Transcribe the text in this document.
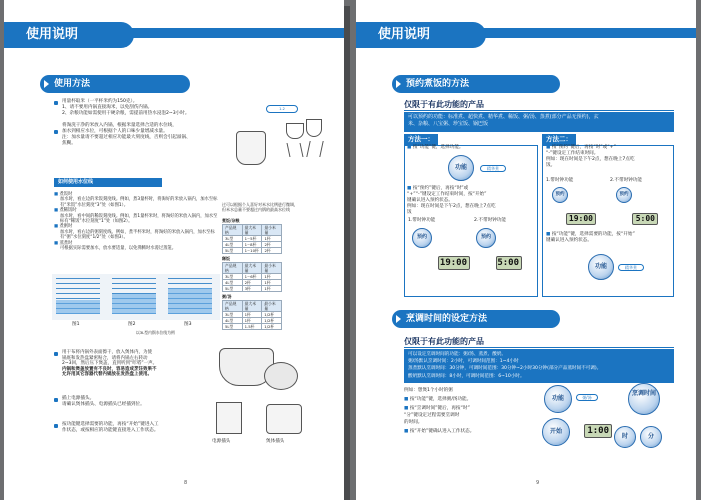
使用说明
使用方法
用量杯取米（一平杯米约为150克）。
1、请不要用内锅直接淘米，以免刮伤内锅。
2、杂粮功能如需使用干硬杂粮，需提前用热水浸泡2~3小时。
将淘洗干净的米放入内锅，根据米量选择合适的水位线，
加水到相应水位，可根据个人的口味少量增减水量。
注：加水量请不要超过相应功能最大刻度线，否则会引起溢锅、
焦糊。
1-2
如何使用水位线
■ 煮饭时
加水时，看左边的米饭刻度线。例如，煮3量杯时，将淘好的米放入锅内，加水至标有“米饭”水位刻度“3”处（如图1）。
■ 煮稀饭时
加水时，看中间的稀饭刻度线。例如，煮1量杯米时，将淘好的米放入锅内，加水至标有“稀饭”水位刻度“1”处（如图2）。
■ 煮粥时
加水时，看右边的粥刻度线。例如，煮半杯米时，将淘好的米放入锅内，加水至标有“粥”水位刻度“1/2”处（如图3）。
■ 蒸煮时
可根据实际需要加水，放水要适量，以免沸腾时水漫过蒸笼。
图1	图2	图3
以3L型内锅水位线为例
过可以根据个人喜好对米水比例进行微调，
但米水总量不要超过内锅的最高水位线
煮饭/杂粮
产品规格	最大米量	最小米量
3L型	1~5杯	1杯
4L型	1~8杯	2杯
5L型	1~10杯	2杯
稀饭
产品规格	最大米量	最小米量
3L型	1~6杯	1杯
4L型	2杯	1杯
5L型	3杯	1杯
粥/汤
产品规格	最大米量	最小米量
3L型	1杯	1/2杯
4L型	1杯	1/2杯
5L型	1.5杯	1/2杯
用干布将内锅外表面擦干，放入煲体内，为使
锅底和发热盘紧密贴合，请将内锅左右转动
2~3回，然后压下煲盖，直到听到“咔嗒”一声。
内锅和煲盖放置有不良时，容易造成烹饪效果不
允许用其它容器代替内锅放在发热盘上使用。
插上电源插头。
请确认煲体插头、电源插头已经插到位。
按功能键选择需要的功能，再按“开始”键进入工
作状态，或按相应的功能键直接进入工作状态。
电源插头	煲体插头
8
使用说明
预约煮饭的方法
仅限于有此功能的产品
可以预约的功能：标准煮、超快煮、精华煮、稀饭、粥/汤、蒸煮(部分产品无预约)，玄
米、杂粮、八宝粥、珍宝饭、锅巴饭
方法一：	方法二：
■ 按“功能”键，选择功能。
功能	精华煮
■ 按“预约”键后，再按“时”或
“+”“-”键设定工作结束时间，按“开始”
键确认进入预约状态。
例如：现在时间是下午2点，想在晚上7点吃
饭
1.带时钟功能	2.不带时钟功能
预约	预约
19:00	5:00
■ 按“预约”键后，再按“时”或“+”
“-”键设定工作结束时间。
例如：现在时间是下午2点，想在晚上7点吃
饭。
1.带时钟功能	2.不带时钟功能
预约	预约
19:00	5:00
■ 按“功能”键，选择需要的功能，按“开始”
键确认进入预约状态。
功能	精华煮
烹调时间的设定方法
仅限于有此功能的产品
可以设定烹调时间的功能：粥/汤、蒸煮、酸奶。
粥/汤默认烹调时间：2小时，可调时间范围：1~4小时
蒸煮默认烹调时间：30分钟，可调时间范围：30分钟~2小时30分钟(部分产品蒸时间不可调)。
酸奶默认烹调时间：8小时，可调时间范围：6~10小时。
例如：想煲1个小时的粥
■ 按“功能”键，选择粥/汤功能。
■ 按“烹调时间”键后，再按“时”
“分”键设定过程需要烹调时
的时间。
■ 按“开始”键确认进入工作状态。
功能	粥/汤
烹调时间
开始	1:00
时	分
9
